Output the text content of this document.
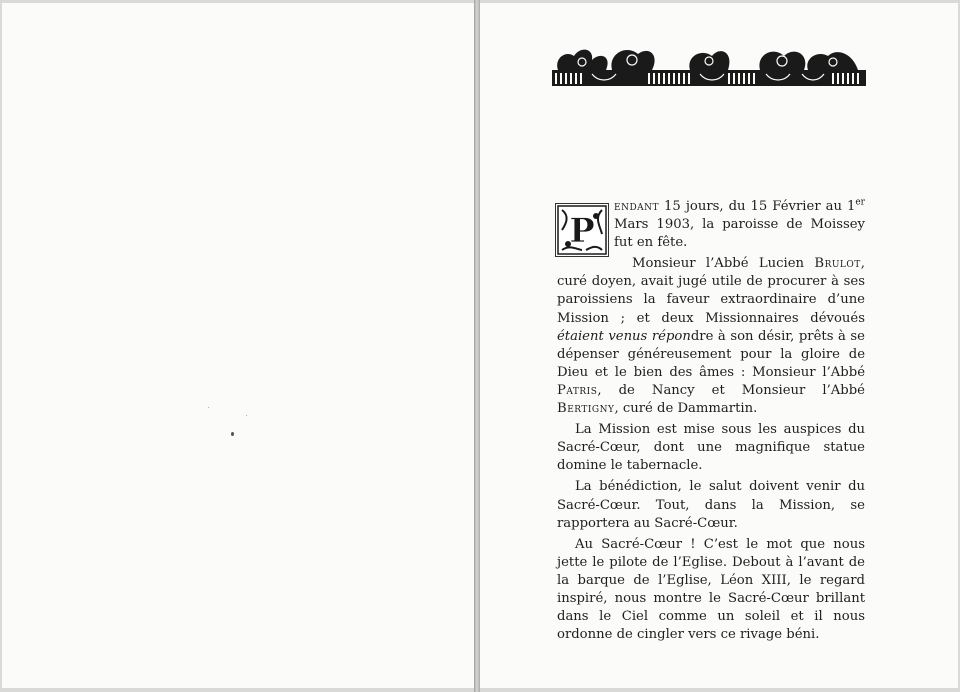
P
endant 15 jours, du 15 Février au 1er Mars 1903, la paroisse de Moissey fut en fête.

Monsieur l’Abbé Lucien Brulot, curé doyen, avait jugé utile de procurer à ses paroissiens la faveur extraordinaire d’une Mission ; et deux Missionnaires dévoués étaient venus répondre à son désir, prêts à se dépenser généreusement pour la gloire de Dieu et le bien des âmes : Monsieur l’Abbé Patris, de Nancy et Monsieur l’Abbé Bertigny, curé de Dammartin.

La Mission est mise sous les auspices du Sacré-Cœur, dont une magnifique statue domine le tabernacle.

La bénédiction, le salut doivent venir du Sacré-Cœur. Tout, dans la Mission, se rapportera au Sacré-Cœur.

Au Sacré-Cœur ! C’est le mot que nous jette le pilote de l’Eglise. Debout à l’avant de la barque de l’Eglise, Léon XIII, le regard inspiré, nous montre le Sacré-Cœur brillant dans le Ciel comme un soleil et il nous ordonne de cingler vers ce rivage béni.
